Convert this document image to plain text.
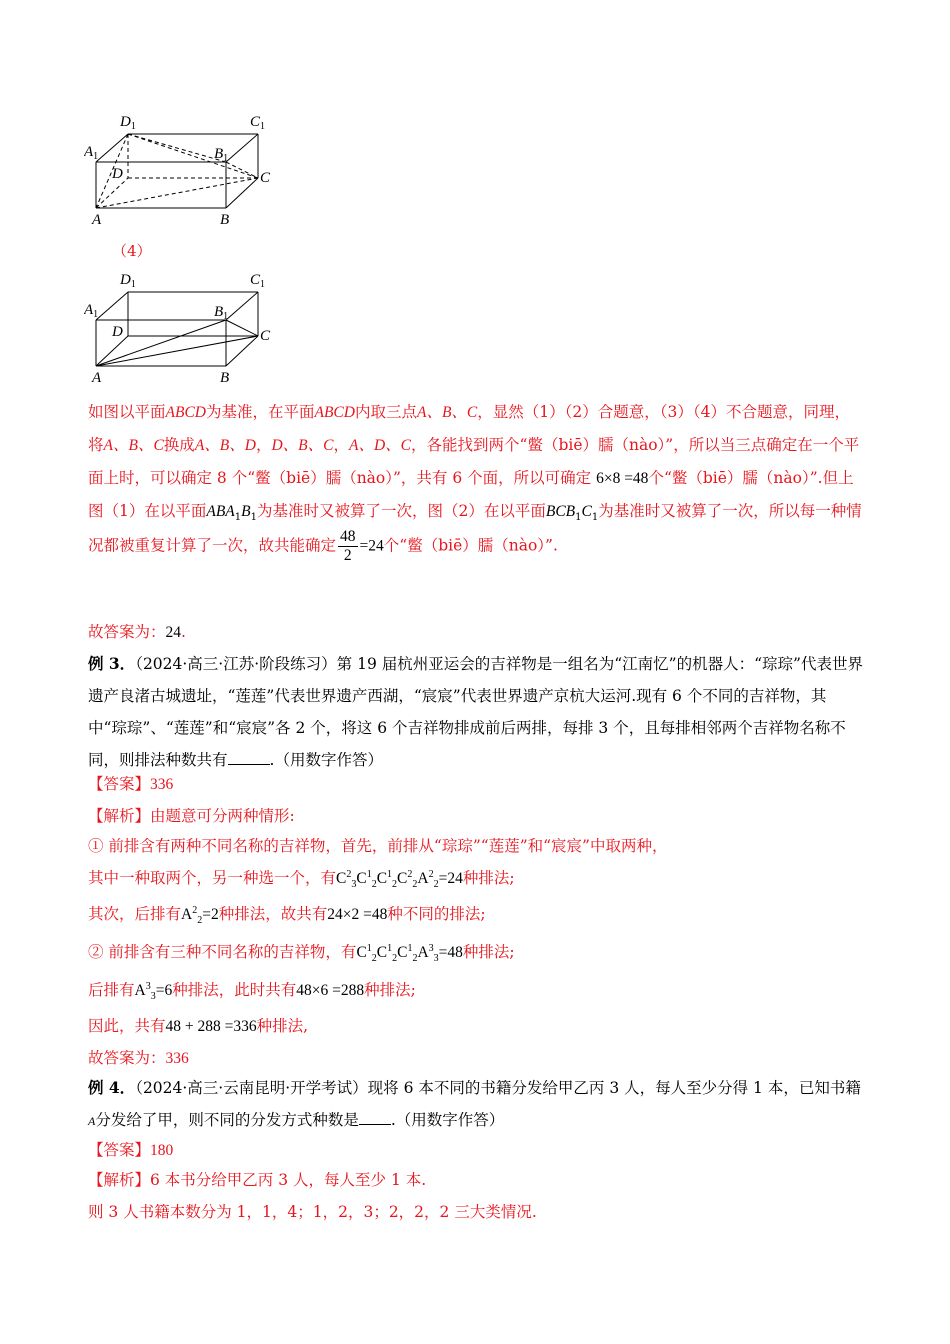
$A_1$
$D_1$	$C_1$
$B_1$
D	C
A	B
（4）
$A_1$
$D_1$	$C_1$
$B_1$
D	C
A	B
如图以平面ABCD为基准，在平面ABCD内取三点A、B、C，显然（1）（2）合题意，（3）（4）不合题意，同理，将A、B、C换成A、B、D，D、B、C，A、D、C，各能找到两个“鳖（biē）臑（nào）”，所以当三点确定在一个平面上时，可以确定 8 个“鳖（biē）臑（nào）”，共有 6 个面，所以可确定 6×8 =48个“鳖（biē）臑（nào）”.但上图（1）在以平面$ABA_1B_1$为基准时又被算了一次，图（2）在以平面$BCB_1C_1$为基准时又被算了一次，所以每一种情况都被重复计算了一次，故共能确定 $\frac{48}{2} =24$个“鳖（biē）臑（nào）”.
故答案为：24.
例 3．（2024·高三·江苏·阶段练习）第 19 届杭州亚运会的吉祥物是一组名为“江南忆”的机器人：“琮琮”代表世界遗产良渚古城遗址，“莲莲”代表世界遗产西湖，“宸宸”代表世界遗产京杭大运河.现有 6 个不同的吉祥物，其中“琮琮”、“莲莲”和“宸宸”各 2 个，将这 6 个吉祥物排成前后两排，每排 3 个，且每排相邻两个吉祥物名称不同，则排法种数共有	.（用数字作答）
【答案】336
【解析】由题意可分两种情形:
① 前排含有两种不同名称的吉祥物，首先，前排从“琮琮”“莲莲”和“宸宸”中取两种，
其中一种取两个，另一种选一个，有$C^2_3C^1_2C^1_2C^2_2A^2_2=24$种排法;
其次，后排有$A^2_2=2$种排法，故共有24×2 =48种不同的排法;
② 前排含有三种不同名称的吉祥物，有$C^1_2C^1_2C^1_2A^3_3=48$种排法;
后排有$A^3_3=6$种排法，此时共有48×6 =288种排法;
因此，共有48 + 288 =336种排法,
故答案为：336
例 4．（2024·高三·云南昆明·开学考试）现将 6 本不同的书籍分发给甲乙丙 3 人，每人至少分得 1 本，已知书籍A分发给了甲，则不同的分发方式种数是 .（用数字作答）
【答案】180
【解析】6 本书分给甲乙丙 3 人，每人至少 1 本.
则 3 人书籍本数分为 1，1，4；1，2，3；2，2，2 三大类情况.
